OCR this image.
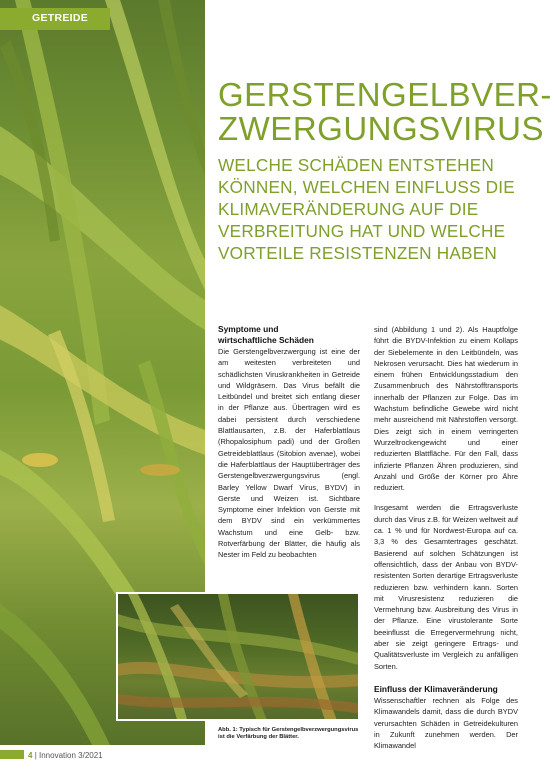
GETREIDE
GERSTENGELBVER-
ZWERGUNGSVIRUS
WELCHE SCHÄDEN ENTSTEHEN
KÖNNEN, WELCHEN EINFLUSS DIE
KLIMAVERÄNDERUNG AUF DIE
VERBREITUNG HAT UND WELCHE
VORTEILE RESISTENZEN HABEN
Symptome und
wirtschaftliche Schäden

Die Gerstengelbverzwergung ist eine der am weitesten verbreiteten und schädlichsten Viruskrankheiten in Getreide und Wildgräsern. Das Virus befällt die Leitbündel und breitet sich entlang dieser in der Pflanze aus. Übertragen wird es dabei persistent durch verschiedene Blattlausarten, z.B. der Haferblattlaus (Rhopalosiphum padi) und der Großen Getreideblattlaus (Sitobion avenae), wobei die Haferblattlaus der Hauptüberträger des Gerstengelbverzwergungsvirus (engl. Barley Yellow Dwarf Virus, BYDV) in Gerste und Weizen ist. Sichtbare Symptome einer Infektion von Gerste mit dem BYDV sind ein verkümmertes Wachstum und eine Gelb- bzw. Rotverfärbung der Blätter, die häufig als Nester im Feld zu beobachten

sind (Abbildung 1 und 2). Als Hauptfolge führt die BYDV-Infektion zu einem Kollaps der Siebelemente in den Leitbündeln, was Nekrosen verursacht. Dies hat wiederum in einem frühen Entwicklungsstadium den Zusammenbruch des Nährstofftransports innerhalb der Pflanzen zur Folge. Das im Wachstum befindliche Gewebe wird nicht mehr ausreichend mit Nährstoffen versorgt. Dies zeigt sich in einem verringerten Wurzeltrockengewicht und einer reduzierten Blattfläche. Für den Fall, dass infizierte Pflanzen Ähren produzieren, sind Anzahl und Größe der Körner pro Ähre reduziert.

Insgesamt werden die Ertragsverluste durch das Virus z.B. für Weizen weltweit auf ca. 1 % und für Nordwest-Europa auf ca. 3,3 % des Gesamtertrages geschätzt. Basierend auf solchen Schätzungen ist offensichtlich, dass der Anbau von BYDV-resistenten Sorten derartige Ertragsverluste reduzieren bzw. verhindern kann. Sorten mit Virusresistenz reduzieren die Vermehrung bzw. Ausbreitung des Virus in der Pflanze. Eine virustolerante Sorte beeinflusst die Erregervermehrung nicht, aber sie zeigt geringere Ertrags- und Qualitätsverluste im Vergleich zu anfälligen Sorten.

Einfluss der Klimaveränderung

Wissenschaftler rechnen als Folge des Klimawandels damit, dass die durch BYDV verursachten Schäden in Getreidekulturen in Zukunft zunehmen werden. Der Klimawandel

Abb. 1: Typisch für Gerstengelbverzwergungsvirus ist die Verfärbung der Blätter.
4 | Innovation 3/2021
